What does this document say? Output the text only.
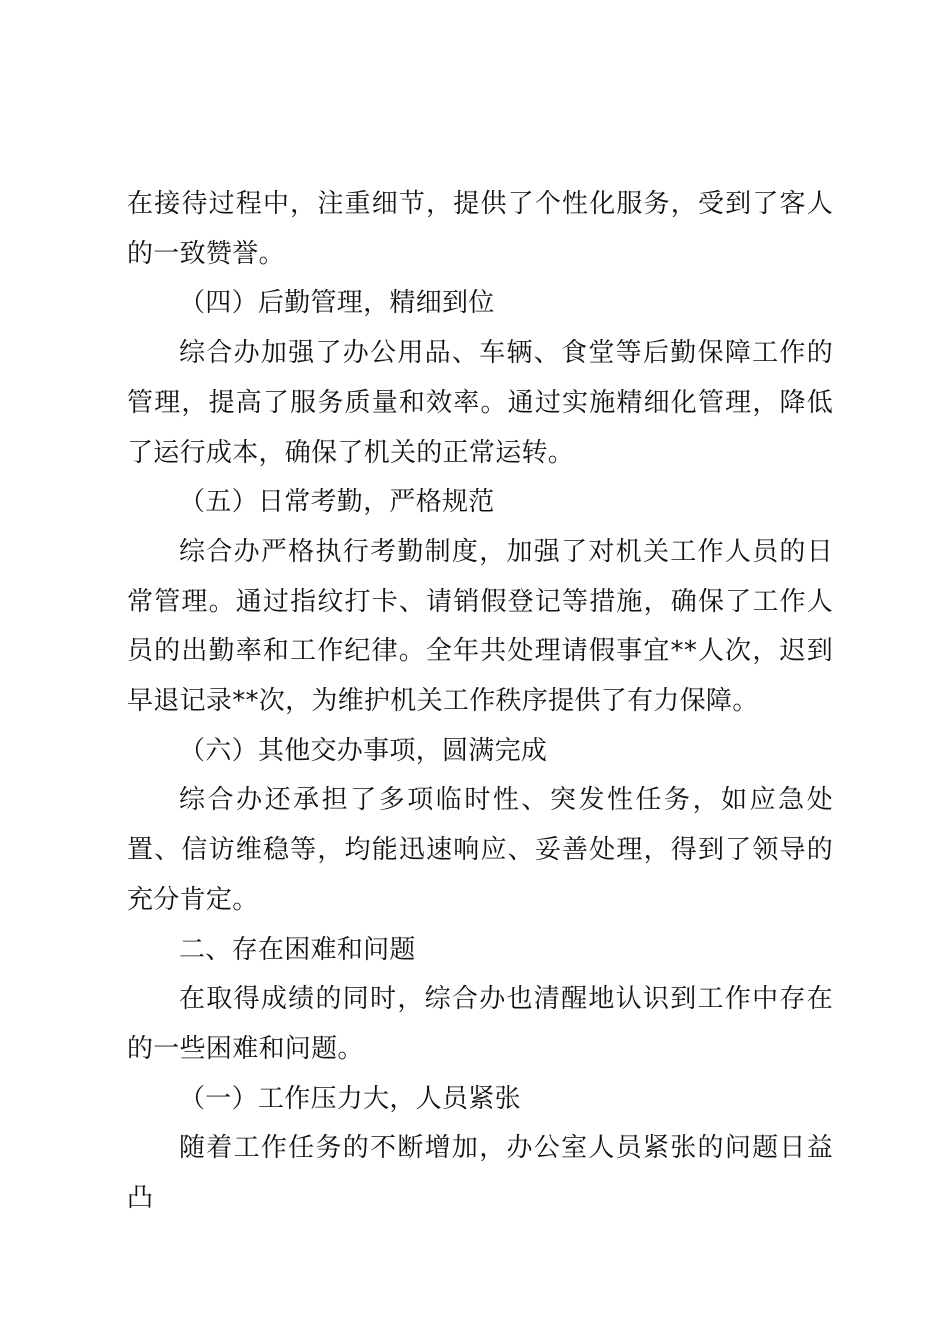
在接待过程中，注重细节，提供了个性化服务，受到了客人的一致赞誉。

（四）后勤管理，精细到位

综合办加强了办公用品、车辆、食堂等后勤保障工作的管理，提高了服务质量和效率。通过实施精细化管理，降低了运行成本，确保了机关的正常运转。

（五）日常考勤，严格规范

综合办严格执行考勤制度，加强了对机关工作人员的日常管理。通过指纹打卡、请销假登记等措施，确保了工作人员的出勤率和工作纪律。全年共处理请假事宜**人次，迟到早退记录**次，为维护机关工作秩序提供了有力保障。

（六）其他交办事项，圆满完成

综合办还承担了多项临时性、突发性任务，如应急处置、信访维稳等，均能迅速响应、妥善处理，得到了领导的充分肯定。

二、存在困难和问题

在取得成绩的同时，综合办也清醒地认识到工作中存在的一些困难和问题。

（一）工作压力大，人员紧张

随着工作任务的不断增加，办公室人员紧张的问题日益凸
